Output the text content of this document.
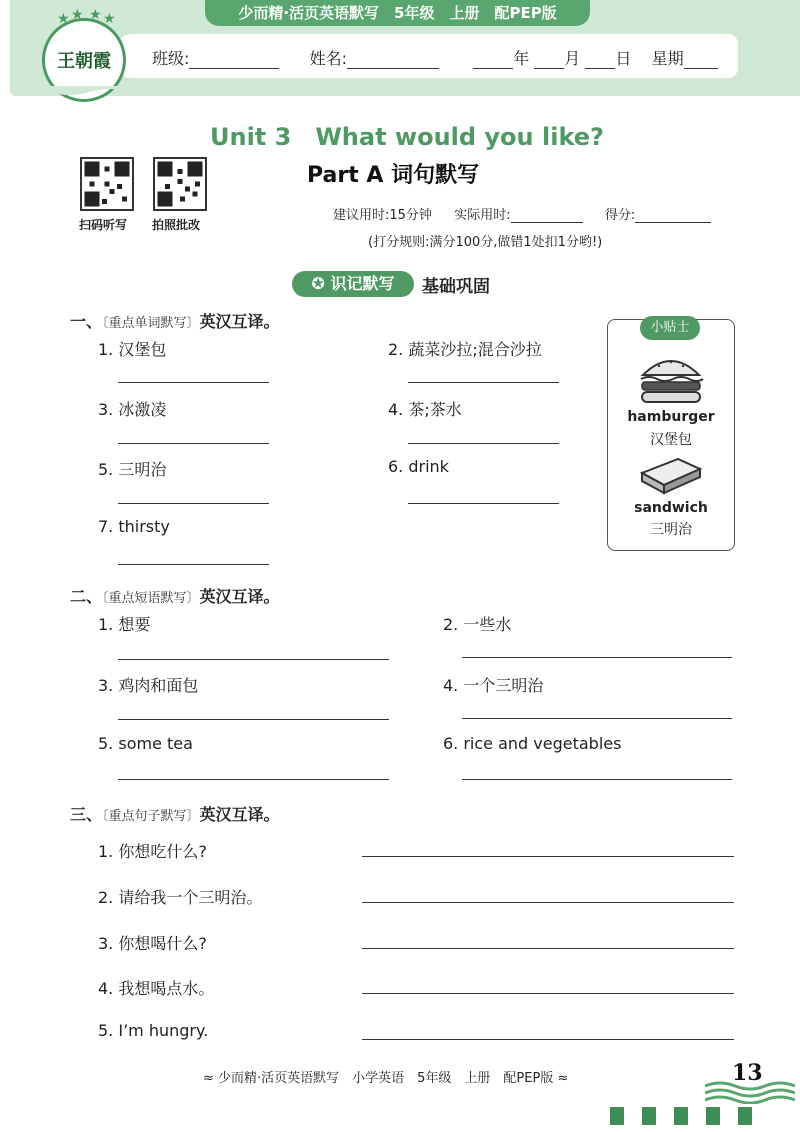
少而精·活页英语默写　5年级　上册　配PEP版
班级:	姓名:	年 月 日 星期
★ ★ ★ ★
王朝霞
Unit 3　What would you like?
Part A 词句默写
扫码听写 拍照批改
建议用时:15分钟 实际用时:	得分:
(打分规则:满分100分,做错1处扣1分哟!)
✪ 识记默写	基础巩固
一、〔重点单词默写〕英汉互译。
1. 汉堡包	2. 蔬菜沙拉;混合沙拉
3. 冰激凌	4. 茶;茶水
5. 三明治	6. drink
7. thirsty
小贴士
hamburger
汉堡包
sandwich
三明治
二、〔重点短语默写〕英汉互译。
1. 想要	2. 一些水
3. 鸡肉和面包	4. 一个三明治
5. some tea	6. rice and vegetables
三、〔重点句子默写〕英汉互译。
1. 你想吃什么?
2. 请给我一个三明治。
3. 你想喝什么?
4. 我想喝点水。
5. I’m hungry.
≈ 少而精·活页英语默写　小学英语　5年级　上册　配PEP版 ≈	13
